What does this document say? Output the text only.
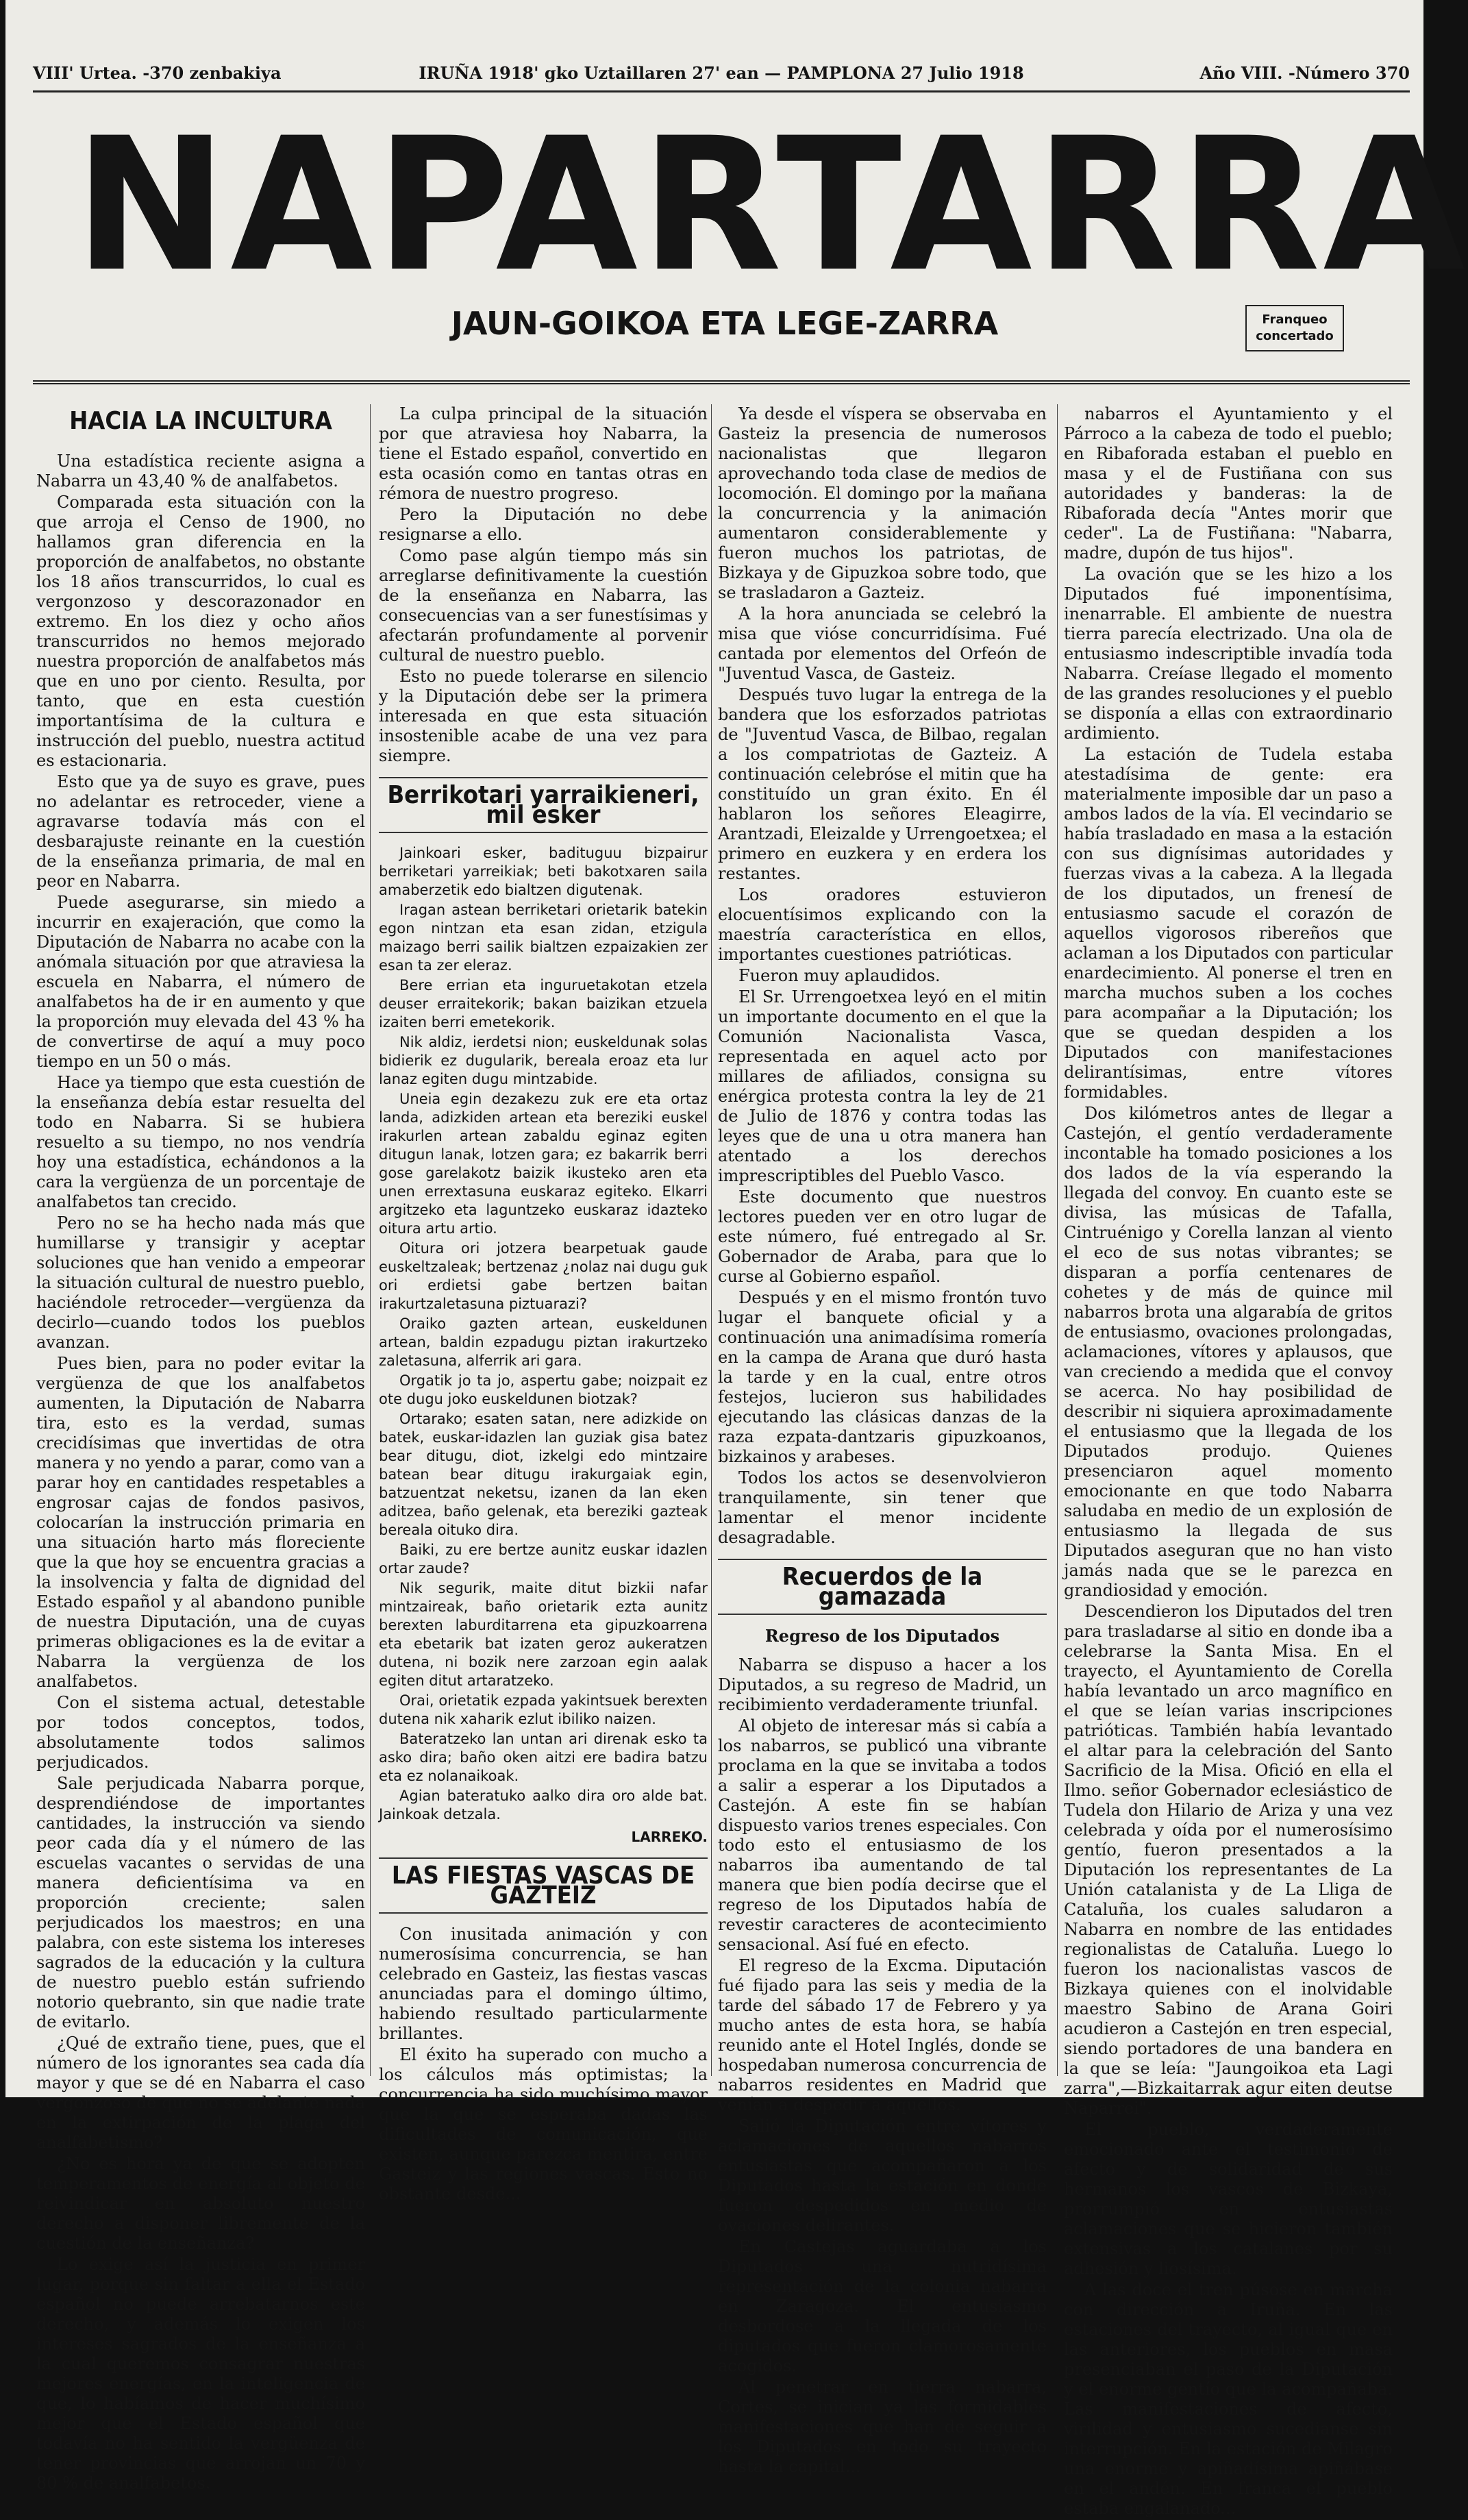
VIII' Urtea. -370 zenbakiya	IRUÑA 1918' gko Uztaillaren 27' ean — PAMPLONA 27 Julio 1918	Año VIII. -Número 370
NAPARTARRA
JAUN-GOIKOA ETA LEGE-ZARRA	Franqueo concertado
HACIA LA INCULTURA

Una estadística reciente asigna a Nabarra un 43,40 % de analfabetos.

Comparada esta situación con la que arroja el Censo de 1900, no hallamos gran diferencia en la proporción de analfabetos, no obstante los 18 años transcurridos, lo cual es vergonzoso y descorazonador en extremo. En los diez y ocho años transcurridos no hemos mejorado nuestra proporción de analfabetos más que en uno por ciento. Resulta, por tanto, que en esta cuestión importantísima de la cultura e instrucción del pueblo, nuestra actitud es estacionaria.

Esto que ya de suyo es grave, pues no adelantar es retroceder, viene a agravarse todavía más con el desbarajuste reinante en la cuestión de la enseñanza primaria, de mal en peor en Nabarra.

Puede asegurarse, sin miedo a incurrir en exajeración, que como la Diputación de Nabarra no acabe con la anómala situación por que atraviesa la escuela en Nabarra, el número de analfabetos ha de ir en aumento y que la proporción muy elevada del 43 % ha de convertirse de aquí a muy poco tiempo en un 50 o más.

Hace ya tiempo que esta cuestión de la enseñanza debía estar resuelta del todo en Nabarra. Si se hubiera resuelto a su tiempo, no nos vendría hoy una estadística, echándonos a la cara la vergüenza de un porcentaje de analfabetos tan crecido.

Pero no se ha hecho nada más que humillarse y transigir y aceptar soluciones que han venido a empeorar la situación cultural de nuestro pueblo, haciéndole retroceder—vergüenza da decirlo—cuando todos los pueblos avanzan.

Pues bien, para no poder evitar la vergüenza de que los analfabetos aumenten, la Diputación de Nabarra tira, esto es la verdad, sumas crecidísimas que invertidas de otra manera y no yendo a parar, como van a parar hoy en cantidades respetables a engrosar cajas de fondos pasivos, colocarían la instrucción primaria en una situación harto más floreciente que la que hoy se encuentra gracias a la insolvencia y falta de dignidad del Estado español y al abandono punible de nuestra Diputación, una de cuyas primeras obligaciones es la de evitar a Nabarra la vergüenza de los analfabetos.

Con el sistema actual, detestable por todos conceptos, todos, absolutamente todos salimos perjudicados.

Sale perjudicada Nabarra porque, desprendiéndose de importantes cantidades, la instrucción va siendo peor cada día y el número de las escuelas vacantes o servidas de una manera deficientísima va en proporción creciente; salen perjudicados los maestros; en una palabra, con este sistema los intereses sagrados de la educación y la cultura de nuestro pueblo están sufriendo notorio quebranto, sin que nadie trate de evitarlo.

¿Qué de extraño tiene, pues, que el número de los ignorantes sea cada día mayor y que se dé en Nabarra el caso vergonzoso de que no se adelante nada en la extirpación de la plaga del analfabetismo?

¿No es hora ya de que se adopten temperamentos de energía al objeto de reivindicar en absoluto nuestro derecho a disponer libremente de la cuestión de la enseñanza?

Lo exige así la justicia en primer lugar, porque sin faltar a ella el Estado español no puede arrebatarnos este derecho, y además lo exigen los intereses sagrados de la enseñanza a la cual queremos consagrar nuestras mejores energías, en la inteligencia de que, lo habíamos de hacer muchísimo mejor que el Estado español que todavía no ha sentido la vergüenza de tener provincias que arrojan un 70 y 80 % de analfabetos.

La culpa principal de la situación por que atraviesa hoy Nabarra, la tiene el Estado español, convertido en esta ocasión como en tantas otras en rémora de nuestro progreso.

Pero la Diputación no debe resignarse a ello.

Como pase algún tiempo más sin arreglarse definitivamente la cuestión de la enseñanza en Nabarra, las consecuencias van a ser funestísimas y afectarán profundamente al porvenir cultural de nuestro pueblo.

Esto no puede tolerarse en silencio y la Diputación debe ser la primera interesada en que esta situación insostenible acabe de una vez para siempre.

Berrikotari yarraikieneri, mil esker

Jainkoari esker, badituguu bizpairur berriketari yarreikiak; beti bakotxaren saila amaberzetik edo bialtzen digutenak.

Iragan astean berriketari orietarik batekin egon nintzan eta esan zidan, etzigula maizago berri sailik bialtzen ezpaizakien zer esan ta zer eleraz.

Bere errian eta inguruetakotan etzela deuser erraitekorik; bakan baizikan etzuela izaiten berri emetekorik.

Nik aldiz, ierdetsi nion; euskeldunak solas bidierik ez dugularik, bereala eroaz eta lur lanaz egiten dugu mintzabide.

Uneia egin dezakezu zuk ere eta ortaz landa, adizkiden artean eta bereziki euskel irakurlen artean zabaldu eginaz egiten ditugun lanak, lotzen gara; ez bakarrik berri gose garelakotz baizik ikusteko aren eta unen errextasuna euskaraz egiteko. Elkarri argitzeko eta laguntzeko euskaraz idazteko oitura artu artio.

Oitura ori jotzera bearpetuak gaude euskeltzaleak; bertzenaz ¿nolaz nai dugu guk ori erdietsi gabe bertzen baitan irakurtzaletasuna piztuarazi?

Oraiko gazten artean, euskeldunen artean, baldin ezpadugu piztan irakurtzeko zaletasuna, alferrik ari gara.

Orgatik jo ta jo, aspertu gabe; noizpait ez ote dugu joko euskeldunen biotzak?

Ortarako; esaten satan, nere adizkide on batek, euskar-idazlen lan guziak gisa batez bear ditugu, diot, izkelgi edo mintzaire batean bear ditugu irakurgaiak egin, batzuentzat neketsu, izanen da lan eken aditzea, baño gelenak, eta bereziki gazteak bereala oituko dira.

Baiki, zu ere bertze aunitz euskar idazlen ortar zaude?

Nik segurik, maite ditut bizkii nafar mintzaireak, baño orietarik ezta aunitz berexten laburditarrena eta gipuzkoarrena eta ebetarik bat izaten geroz aukeratzen dutena, ni bozik nere zarzoan egin aalak egiten ditut artaratzeko.

Orai, orietatik ezpada yakintsuek berexten dutena nik xaharik ezlut ibiliko naizen.

Bateratzeko lan untan ari direnak esko ta asko dira; baño oken aitzi ere badira batzu eta ez nolanaikoak.

Agian bateratuko aalko dira oro alde bat. Jainkoak detzala.

LARREKO.
LAS FIESTAS VASCAS DE GAZTEIZ

Con inusitada animación y con numerosísima concurrencia, se han celebrado en Gasteiz, las fiestas vascas anunciadas para el domingo último, habiendo resultado particularmente brillantes.

El éxito ha superado con mucho a los cálculos más optimistas; la concurrencia ha sido muchísimo mayor que la que se esperaba dadas las dificultades de comunicación, que existen, aunque parezca mentira, entre Gasteiz y las regiones vascas. Esto no obstante desde...

Ya desde el víspera se observaba en Gasteiz la presencia de numerosos nacionalistas que llegaron aprovechando toda clase de medios de locomoción. El domingo por la mañana la concurrencia y la animación aumentaron considerablemente y fueron muchos los patriotas, de Bizkaya y de Gipuzkoa sobre todo, que se trasladaron a Gazteiz.

A la hora anunciada se celebró la misa que vióse concurridísima. Fué cantada por elementos del Orfeón de "Juventud Vasca, de Gasteiz.

Después tuvo lugar la entrega de la bandera que los esforzados patriotas de "Juventud Vasca, de Bilbao, regalan a los compatriotas de Gazteiz. A continuación celebróse el mitin que ha constituído un gran éxito. En él hablaron los señores Eleagirre, Arantzadi, Eleizalde y Urrengoetxea; el primero en euzkera y en erdera los restantes.

Los oradores estuvieron elocuentísimos explicando con la maestría característica en ellos, importantes cuestiones patrióticas.

Fueron muy aplaudidos.

El Sr. Urrengoetxea leyó en el mitin un importante documento en el que la Comunión Nacionalista Vasca, representada en aquel acto por millares de afiliados, consigna su enérgica protesta contra la ley de 21 de Julio de 1876 y contra todas las leyes que de una u otra manera han atentado a los derechos imprescriptibles del Pueblo Vasco.

Este documento que nuestros lectores pueden ver en otro lugar de este número, fué entregado al Sr. Gobernador de Araba, para que lo curse al Gobierno español.

Después y en el mismo frontón tuvo lugar el banquete oficial y a continuación una animadísima romería en la campa de Arana que duró hasta la tarde y en la cual, entre otros festejos, lucieron sus habilidades ejecutando las clásicas danzas de la raza ezpata-dantzaris gipuzkoanos, bizkainos y arabeses.

Todos los actos se desenvolvieron tranquilamente, sin tener que lamentar el menor incidente desagradable.

Recuerdos de la gamazada
Regreso de los Diputados

Nabarra se dispuso a hacer a los Diputados, a su regreso de Madrid, un recibimiento verdaderamente triunfal.

Al objeto de interesar más si cabía a los nabarros, se publicó una vibrante proclama en la que se invitaba a todos a salir a esperar a los Diputados a Castejón. A este fin se habían dispuesto varios trenes especiales. Con todo esto el entusiasmo de los nabarros iba aumentando de tal manera que bien podía decirse que el regreso de los Diputados había de revestir caracteres de acontecimiento sensacional. Así fué en efecto.

El regreso de la Excma. Diputación fué fijado para las seis y media de la tarde del sábado 17 de Febrero y ya mucho antes de esta hora, se había reunido ante el Hotel Inglés, donde se hospedaban numerosa concurrencia de nabarros residentes en Madrid que venían a despedir a aquellos.

Salió la Diputación entre vítores y aclamaciones de aquellos nabarros entusiastas que acompañaron a los Diputados hasta la estación en donde fueron despedidos en medio de ovaciones delirantes.

En Castejas aguardaba a los Diputados una nutridísima representación de la colonia nabarra en Zaragoza. El entusiasmo desbordose a la llegada de los diputados que fueron clamorosamente acogidos.

Al penetrar en tierra nabarra, Cortes, se inician ya las formidables manifestaciones que han de seguir a los Diputados en todo su trayecto hasta la capital...

nabarros el Ayuntamiento y el Párroco a la cabeza de todo el pueblo; en Ribaforada estaban el pueblo en masa y el de Fustiñana con sus autoridades y banderas: la de Ribaforada decía "Antes morir que ceder". La de Fustiñana: "Nabarra, madre, dupón de tus hijos".

La ovación que se les hizo a los Diputados fué imponentísima, inenarrable. El ambiente de nuestra tierra parecía electrizado. Una ola de entusiasmo indescriptible invadía toda Nabarra. Creíase llegado el momento de las grandes resoluciones y el pueblo se disponía a ellas con extraordinario ardimiento.

La estación de Tudela estaba atestadísima de gente: era materialmente imposible dar un paso a ambos lados de la vía. El vecindario se había trasladado en masa a la estación con sus dignísimas autoridades y fuerzas vivas a la cabeza. A la llegada de los diputados, un frenesí de entusiasmo sacude el corazón de aquellos vigorosos ribereños que aclaman a los Diputados con particular enardecimiento. Al ponerse el tren en marcha muchos suben a los coches para acompañar a la Diputación; los que se quedan despiden a los Diputados con manifestaciones delirantísimas, entre vítores formidables.

Dos kilómetros antes de llegar a Castejón, el gentío verdaderamente incontable ha tomado posiciones a los dos lados de la vía esperando la llegada del convoy. En cuanto este se divisa, las músicas de Tafalla, Cintruénigo y Corella lanzan al viento el eco de sus notas vibrantes; se disparan a porfía centenares de cohetes y de más de quince mil nabarros brota una algarabía de gritos de entusiasmo, ovaciones prolongadas, aclamaciones, vítores y aplausos, que van creciendo a medida que el convoy se acerca. No hay posibilidad de describir ni siquiera aproximadamente el entusiasmo que la llegada de los Diputados produjo. Quienes presenciaron aquel momento emocionante en que todo Nabarra saludaba en medio de un explosión de entusiasmo la llegada de sus Diputados aseguran que no han visto jamás nada que se le parezca en grandiosidad y emoción.

Descendieron los Diputados del tren para trasladarse al sitio en donde iba a celebrarse la Santa Misa. En el trayecto, el Ayuntamiento de Corella había levantado un arco magnífico en el que se leían varias inscripciones patrióticas. También había levantado el altar para la celebración del Santo Sacrificio de la Misa. Ofició en ella el Ilmo. señor Gobernador eclesiástico de Tudela don Hilario de Ariza y una vez celebrada y oída por el numerosísimo gentío, fueron presentados a la Diputación los representantes de La Unión catalanista y de La Lliga de Cataluña, los cuales saludaron a Nabarra en nombre de las entidades regionalistas de Cataluña. Luego lo fueron los nacionalistas vascos de Bizkaya quienes con el inolvidable maestro Sabino de Arana Goiri acudieron a Castejón en tren especial, siendo portadores de una bandera en la que se leía: "Jaungoikoa eta Lagi zarra",—Bizkaitarrak agur eiten deutse Naparrei".

El pueblo, verdaderamente emocionado ante el testimonio de afecto y de solidaridad de sus hermanos los vascos de Bizkaya, prorrumpió en entusiastas aclamaciones que se hicieron también extensivas a los catalanes por su adhesión y liosísima.

A las doce el tren púsose en marcha con dirección a Iruña. En las estaciones del trayecto, al igual que en las anteriores, los pueblos en masa presenciaban el paso de la Diputación y el enorme gentío que la acompañaba. Las manifestaciones de afecto, virilidad y entusiasmo sucedianse sin interrupción. En la estación de Milagro una enorme y apiñadísima apiñábase en el andén. En franca el pueblo estaba engalanado...
